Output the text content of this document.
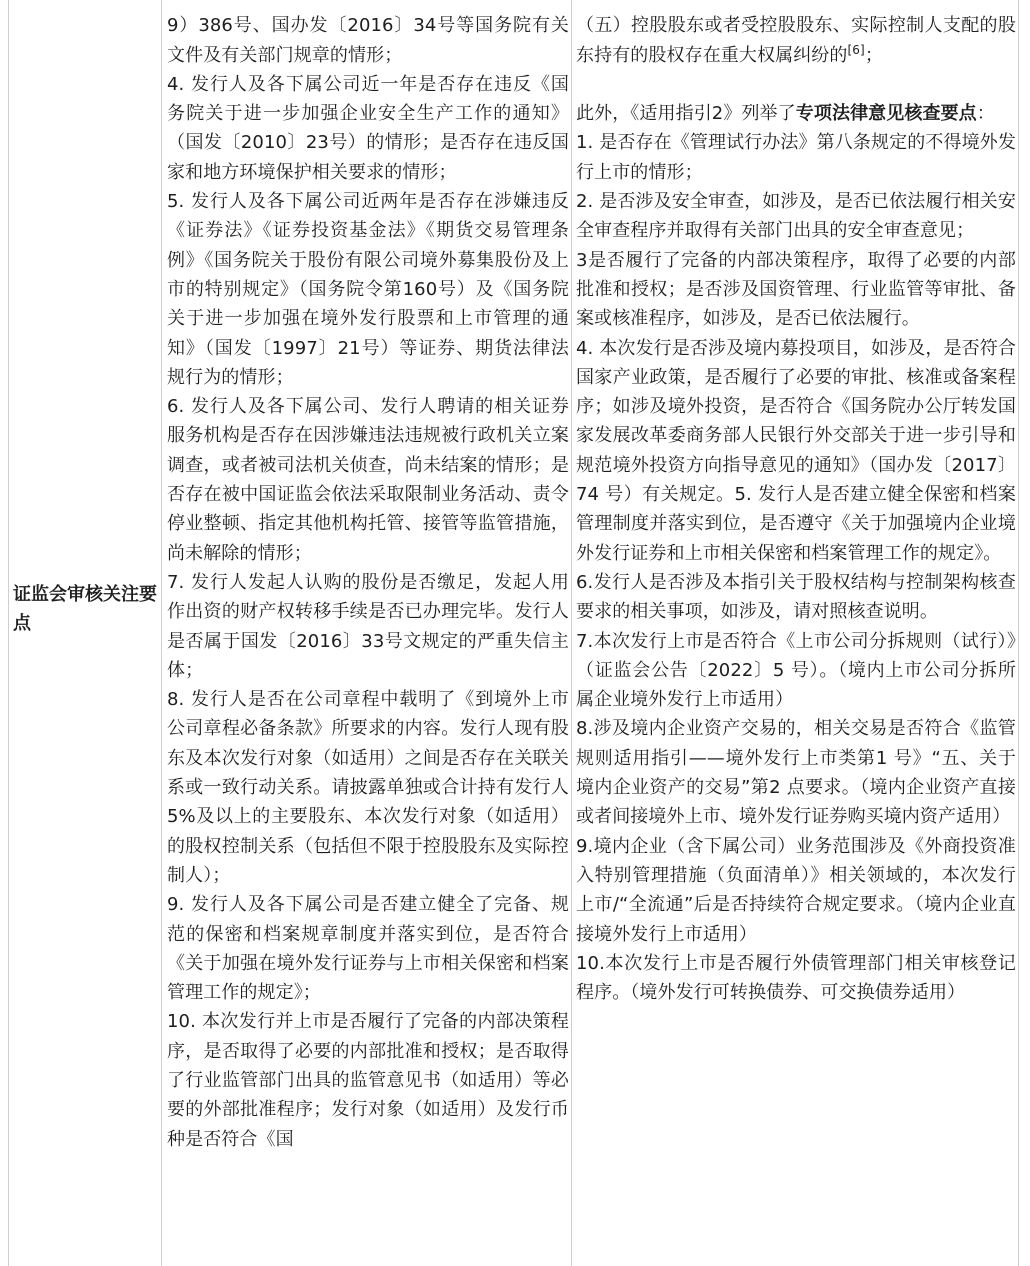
证监会审核关注要点

9）386号、国办发〔2016〕34号等国务院有关文件及有关部门规章的情形；

4. 发行人及各下属公司近一年是否存在违反《国务院关于进一步加强企业安全生产工作的通知》（国发〔2010〕23号）的情形；是否存在违反国家和地方环境保护相关要求的情形；

5. 发行人及各下属公司近两年是否存在涉嫌违反《证券法》《证券投资基金法》《期货交易管理条例》《国务院关于股份有限公司境外募集股份及上市的特别规定》（国务院令第160号）及《国务院关于进一步加强在境外发行股票和上市管理的通知》（国发〔1997〕21号）等证券、期货法律法规行为的情形；

6. 发行人及各下属公司、发行人聘请的相关证券服务机构是否存在因涉嫌违法违规被行政机关立案调查，或者被司法机关侦查，尚未结案的情形；是否存在被中国证监会依法采取限制业务活动、责令停业整顿、指定其他机构托管、接管等监管措施，尚未解除的情形；

7. 发行人发起人认购的股份是否缴足，发起人用作出资的财产权转移手续是否已办理完毕。发行人是否属于国发〔2016〕33号文规定的严重失信主体；

8. 发行人是否在公司章程中载明了《到境外上市公司章程必备条款》所要求的内容。发行人现有股东及本次发行对象（如适用）之间是否存在关联关系或一致行动关系。请披露单独或合计持有发行人5%及以上的主要股东、本次发行对象（如适用）的股权控制关系（包括但不限于控股股东及实际控制人）；

9. 发行人及各下属公司是否建立健全了完备、规范的保密和档案规章制度并落实到位，是否符合《关于加强在境外发行证券与上市相关保密和档案管理工作的规定》；

10. 本次发行并上市是否履行了完备的内部决策程序，是否取得了必要的内部批准和授权；是否取得了行业监管部门出具的监管意见书（如适用）等必要的外部批准程序；发行对象（如适用）及发行币种是否符合《国

（五）控股股东或者受控股股东、实际控制人支配的股东持有的股权存在重大权属纠纷的[6]；

此外，《适用指引2》列举了专项法律意见核查要点：

1. 是否存在《管理试行办法》第八条规定的不得境外发行上市的情形；

2. 是否涉及安全审查，如涉及，是否已依法履行相关安全审查程序并取得有关部门出具的安全审查意见；

3是否履行了完备的内部决策程序，取得了必要的内部批准和授权；是否涉及国资管理、行业监管等审批、备案或核准程序，如涉及，是否已依法履行。

4. 本次发行是否涉及境内募投项目，如涉及，是否符合国家产业政策，是否履行了必要的审批、核准或备案程序；如涉及境外投资，是否符合《国务院办公厅转发国家发展改革委商务部人民银行外交部关于进一步引导和规范境外投资方向指导意见的通知》（国办发〔2017〕74 号）有关规定。5. 发行人是否建立健全保密和档案管理制度并落实到位，是否遵守《关于加强境内企业境外发行证券和上市相关保密和档案管理工作的规定》。

6.发行人是否涉及本指引关于股权结构与控制架构核查要求的相关事项，如涉及，请对照核查说明。

7.本次发行上市是否符合《上市公司分拆规则（试行）》（证监会公告〔2022〕5 号）。（境内上市公司分拆所属企业境外发行上市适用）

8.涉及境内企业资产交易的，相关交易是否符合《监管规则适用指引——境外发行上市类第1 号》“五、关于境内企业资产的交易”第2 点要求。（境内企业资产直接或者间接境外上市、境外发行证券购买境内资产适用）

9.境内企业（含下属公司）业务范围涉及《外商投资准入特别管理措施（负面清单）》相关领域的，本次发行上市/“全流通”后是否持续符合规定要求。（境内企业直接境外发行上市适用）

10.本次发行上市是否履行外债管理部门相关审核登记程序。（境外发行可转换债券、可交换债券适用）
